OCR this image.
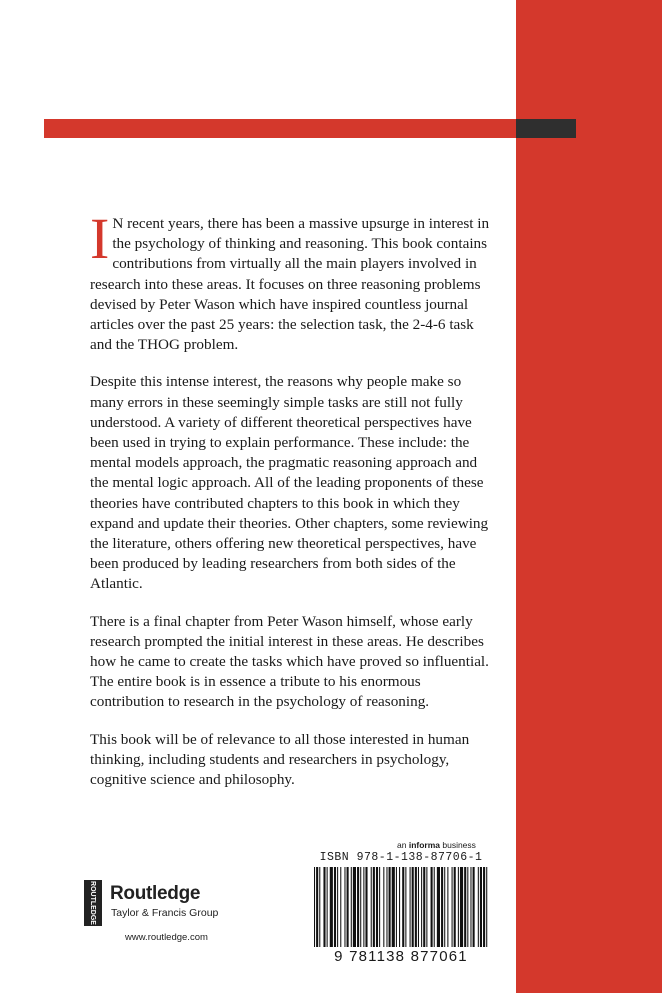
I N recent years, there has been a massive upsurge in interest in the psychology of thinking and reasoning. This book contains contributions from virtually all the main players involved in research into these areas. It focuses on three reasoning problems devised by Peter Wason which have inspired countless journal articles over the past 25 years: the selection task, the 2-4-6 task and the THOG problem.

Despite this intense interest, the reasons why people make so many errors in these seemingly simple tasks are still not fully understood. A variety of different theoretical perspectives have been used in trying to explain performance. These include: the mental models approach, the pragmatic reasoning approach and the mental logic approach. All of the leading proponents of these theories have contributed chapters to this book in which they expand and update their theories. Other chapters, some reviewing the literature, others offering new theoretical perspectives, have been produced by leading researchers from both sides of the Atlantic.

There is a final chapter from Peter Wason himself, whose early research prompted the initial interest in these areas. He describes how he came to create the tasks which have proved so influential. The entire book is in essence a tribute to his enormous contribution to research in the psychology of reasoning.

This book will be of relevance to all those interested in human thinking, including students and researchers in psychology, cognitive science and philosophy.

an informa business
ISBN 978-1-138-87706-1
9 781138 877061
ROUTLEDGE Routledge
Taylor & Francis Group
www.routledge.com
